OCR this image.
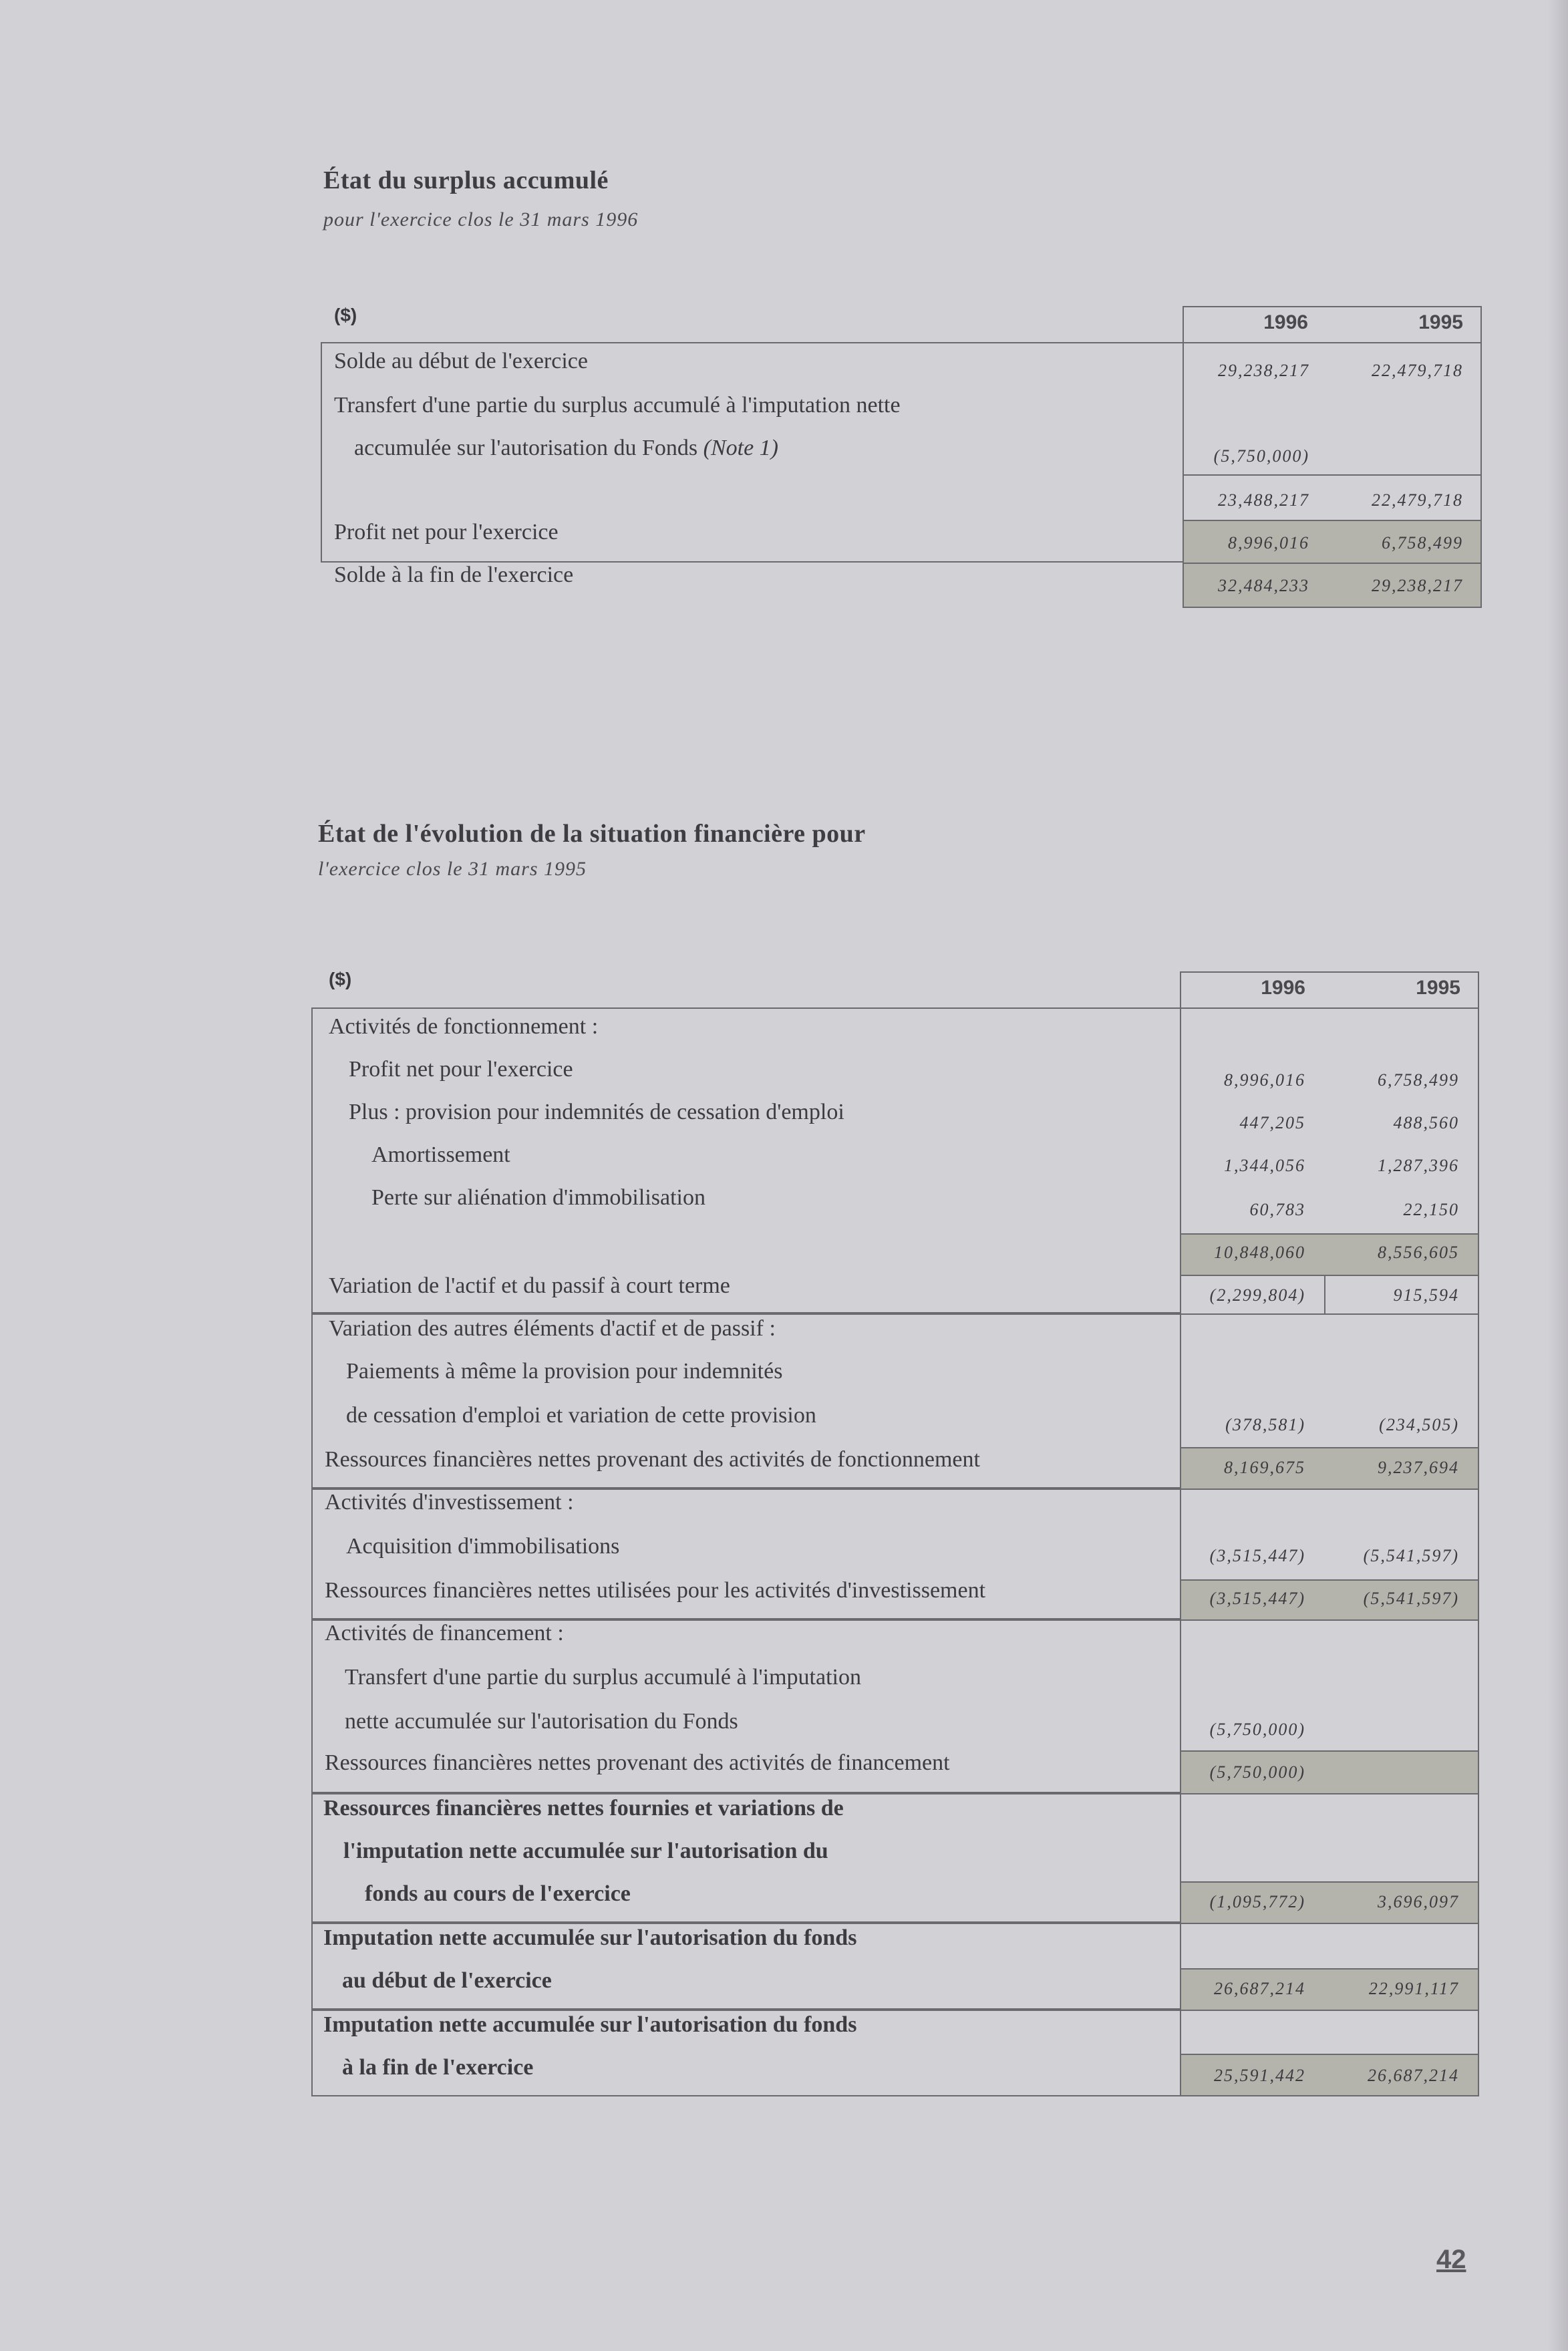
État du surplus accumulé
pour l'exercice clos le 31 mars 1996
($)	1996	1995
Solde au début de l'exercice	29,238,217	22,479,718
Transfert d'une partie du surplus accumulé à l'imputation nette
accumulée sur l'autorisation du Fonds (Note 1)	(5,750,000)
23,488,217	22,479,718
Profit net pour l'exercice	8,996,016	6,758,499
Solde à la fin de l'exercice	32,484,233	29,238,217
État de l'évolution de la situation financière pour
l'exercice clos le 31 mars 1995
($)	1996	1995
Activités de fonctionnement :
Profit net pour l'exercice	8,996,016	6,758,499
Plus : provision pour indemnités de cessation d'emploi	447,205	488,560
Amortissement	1,344,056	1,287,396
Perte sur aliénation d'immobilisation	60,783	22,150
10,848,060	8,556,605
Variation de l'actif et du passif à court terme	(2,299,804)	915,594
Variation des autres éléments d'actif et de passif :
Paiements à même la provision pour indemnités
de cessation d'emploi et variation de cette provision	(378,581)	(234,505)
Ressources financières nettes provenant des activités de fonctionnement	8,169,675	9,237,694
Activités d'investissement :
Acquisition d'immobilisations	(3,515,447)	(5,541,597)
Ressources financières nettes utilisées pour les activités d'investissement	(3,515,447)	(5,541,597)
Activités de financement :
Transfert d'une partie du surplus accumulé à l'imputation
nette accumulée sur l'autorisation du Fonds	(5,750,000)
Ressources financières nettes provenant des activités de financement	(5,750,000)
Ressources financières nettes fournies et variations de
l'imputation nette accumulée sur l'autorisation du
fonds au cours de l'exercice	(1,095,772)	3,696,097
Imputation nette accumulée sur l'autorisation du fonds
au début de l'exercice	26,687,214	22,991,117
Imputation nette accumulée sur l'autorisation du fonds
à la fin de l'exercice	25,591,442	26,687,214
42
